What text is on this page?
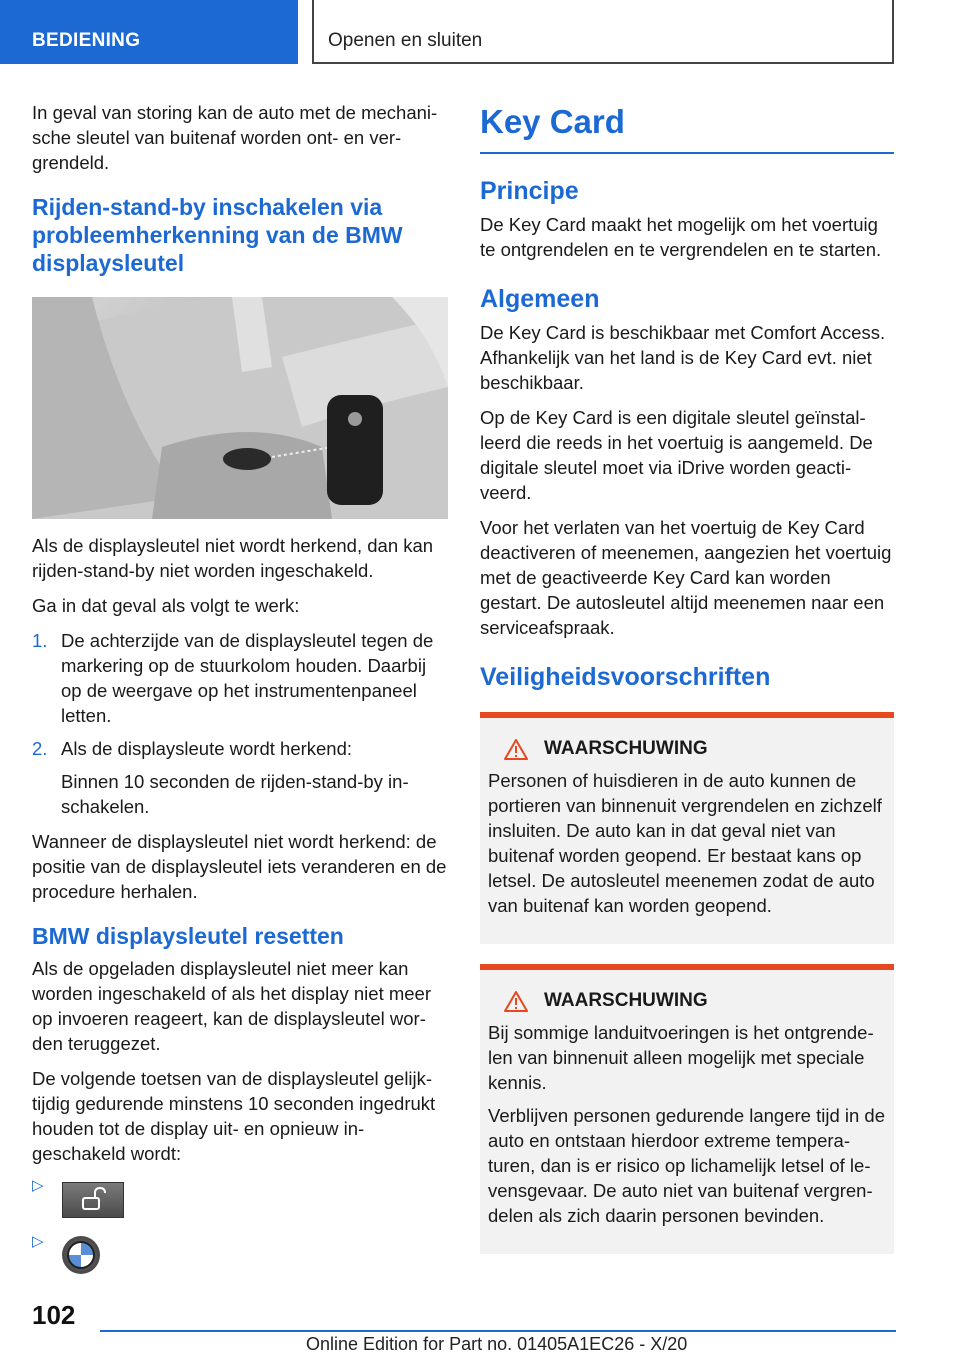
BEDIENING	Openen en sluiten

In geval van storing kan de auto met de mechanische sleutel van buitenaf worden ont- en vergrendeld.

Rijden-stand-by inschakelen via probleemherkenning van de BMW displaysleutel

Als de displaysleutel niet wordt herkend, dan kan rijden-stand-by niet worden ingeschakeld.

Ga in dat geval als volgt te werk:

1. De achterzijde van de displaysleutel tegen de markering op de stuurkolom houden. Daarbij op de weergave op het instrumentenpaneel letten.
2. Als de displaysleute wordt herkend:

Binnen 10 seconden de rijden-stand-by inschakelen.

Wanneer de displaysleutel niet wordt herkend: de positie van de displaysleutel iets veranderen en de procedure herhalen.

BMW displaysleutel resetten

Als de opgeladen displaysleutel niet meer kan worden ingeschakeld of als het display niet meer op invoeren reageert, kan de displaysleutel worden teruggezet.

De volgende toetsen van de displaysleutel gelijktijdig gedurende minstens 10 seconden ingedrukt houden tot de display uit- en opnieuw ingeschakeld wordt:

▷
▷
Key Card
Principe

De Key Card maakt het mogelijk om het voertuig te ontgrendelen en te vergrendelen en te starten.

Algemeen

De Key Card is beschikbaar met Comfort Access. Afhankelijk van het land is de Key Card evt. niet beschikbaar.

Op de Key Card is een digitale sleutel geïnstalleerd die reeds in het voertuig is aangemeld. De digitale sleutel moet via iDrive worden geactiveerd.

Voor het verlaten van het voertuig de Key Card deactiveren of meenemen, aangezien het voertuig met de geactiveerde Key Card kan worden gestart. De autosleutel altijd meenemen naar een serviceafspraak.

Veiligheidsvoorschriften
WAARSCHUWING

Personen of huisdieren in de auto kunnen de portieren van binnenuit vergrendelen en zichzelf insluiten. De auto kan in dat geval niet van buitenaf worden geopend. Er bestaat kans op letsel. De autosleutel meenemen zodat de auto van buitenaf kan worden geopend.

WAARSCHUWING

Bij sommige landuitvoeringen is het ontgrendelen van binnenuit alleen mogelijk met speciale kennis.

Verblijven personen gedurende langere tijd in de auto en ontstaan hierdoor extreme temperaturen, dan is er risico op lichamelijk letsel of levensgevaar. De auto niet van buitenaf vergrendelen als zich daarin personen bevinden.

102
Online Edition for Part no. 01405A1EC26 - X/20
